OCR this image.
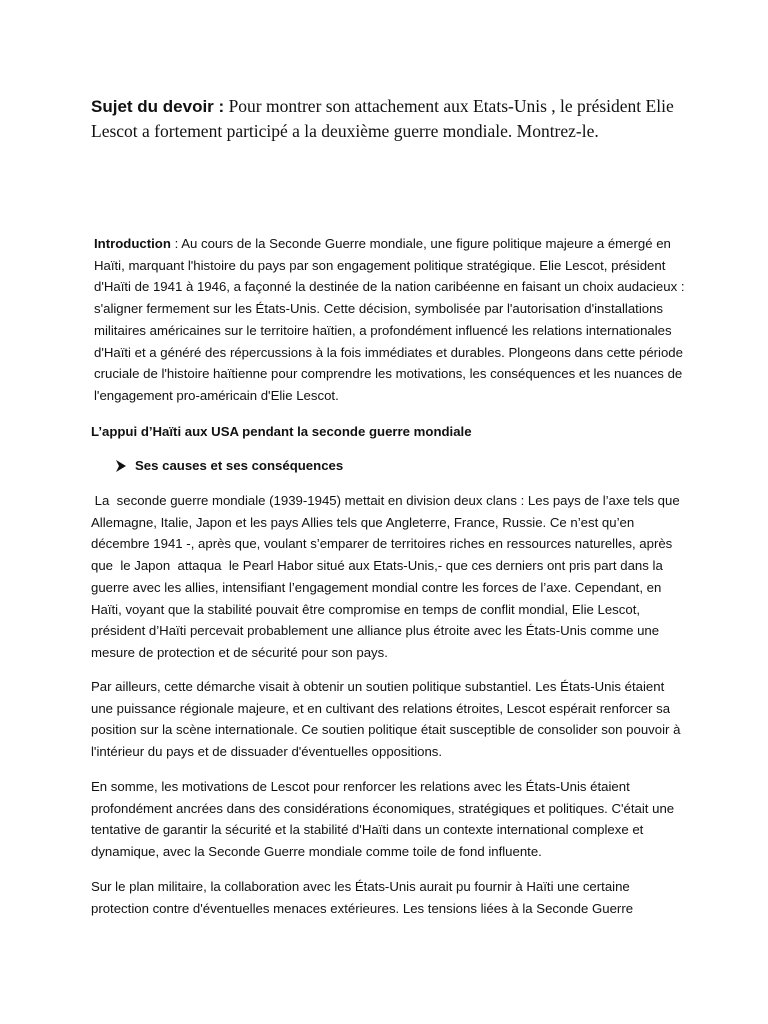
Sujet du devoir : Pour montrer son attachement aux Etats-Unis , le président Elie Lescot a fortement participé a la deuxième guerre mondiale. Montrez-le.
Introduction : Au cours de la Seconde Guerre mondiale, une figure politique majeure a émergé en Haïti, marquant l'histoire du pays par son engagement politique stratégique. Elie Lescot, président d'Haïti de 1941 à 1946, a façonné la destinée de la nation caribéenne en faisant un choix audacieux : s'aligner fermement sur les États-Unis. Cette décision, symbolisée par l'autorisation d'installations militaires américaines sur le territoire haïtien, a profondément influencé les relations internationales d'Haïti et a généré des répercussions à la fois immédiates et durables. Plongeons dans cette période cruciale de l'histoire haïtienne pour comprendre les motivations, les conséquences et les nuances de l'engagement pro-américain d'Elie Lescot.
L’appui d’Haïti aux USA pendant la seconde guerre mondiale
Ses causes et ses conséquences
La  seconde guerre mondiale (1939-1945) mettait en division deux clans : Les pays de l’axe tels que Allemagne, Italie, Japon et les pays Allies tels que Angleterre, France, Russie. Ce n’est qu’en décembre 1941 -, après que, voulant s’emparer de territoires riches en ressources naturelles, après que  le Japon  attaqua  le Pearl Habor situé aux Etats-Unis,- que ces derniers ont pris part dans la guerre avec les allies, intensifiant l’engagement mondial contre les forces de l’axe. Cependant, en Haïti, voyant que la stabilité pouvait être compromise en temps de conflit mondial, Elie Lescot, président d’Haïti percevait probablement une alliance plus étroite avec les États-Unis comme une mesure de protection et de sécurité pour son pays.
Par ailleurs, cette démarche visait à obtenir un soutien politique substantiel. Les États-Unis étaient une puissance régionale majeure, et en cultivant des relations étroites, Lescot espérait renforcer sa position sur la scène internationale. Ce soutien politique était susceptible de consolider son pouvoir à l'intérieur du pays et de dissuader d'éventuelles oppositions.
En somme, les motivations de Lescot pour renforcer les relations avec les États-Unis étaient profondément ancrées dans des considérations économiques, stratégiques et politiques. C'était une tentative de garantir la sécurité et la stabilité d'Haïti dans un contexte international complexe et dynamique, avec la Seconde Guerre mondiale comme toile de fond influente.
Sur le plan militaire, la collaboration avec les États-Unis aurait pu fournir à Haïti une certaine protection contre d'éventuelles menaces extérieures. Les tensions liées à la Seconde Guerre
